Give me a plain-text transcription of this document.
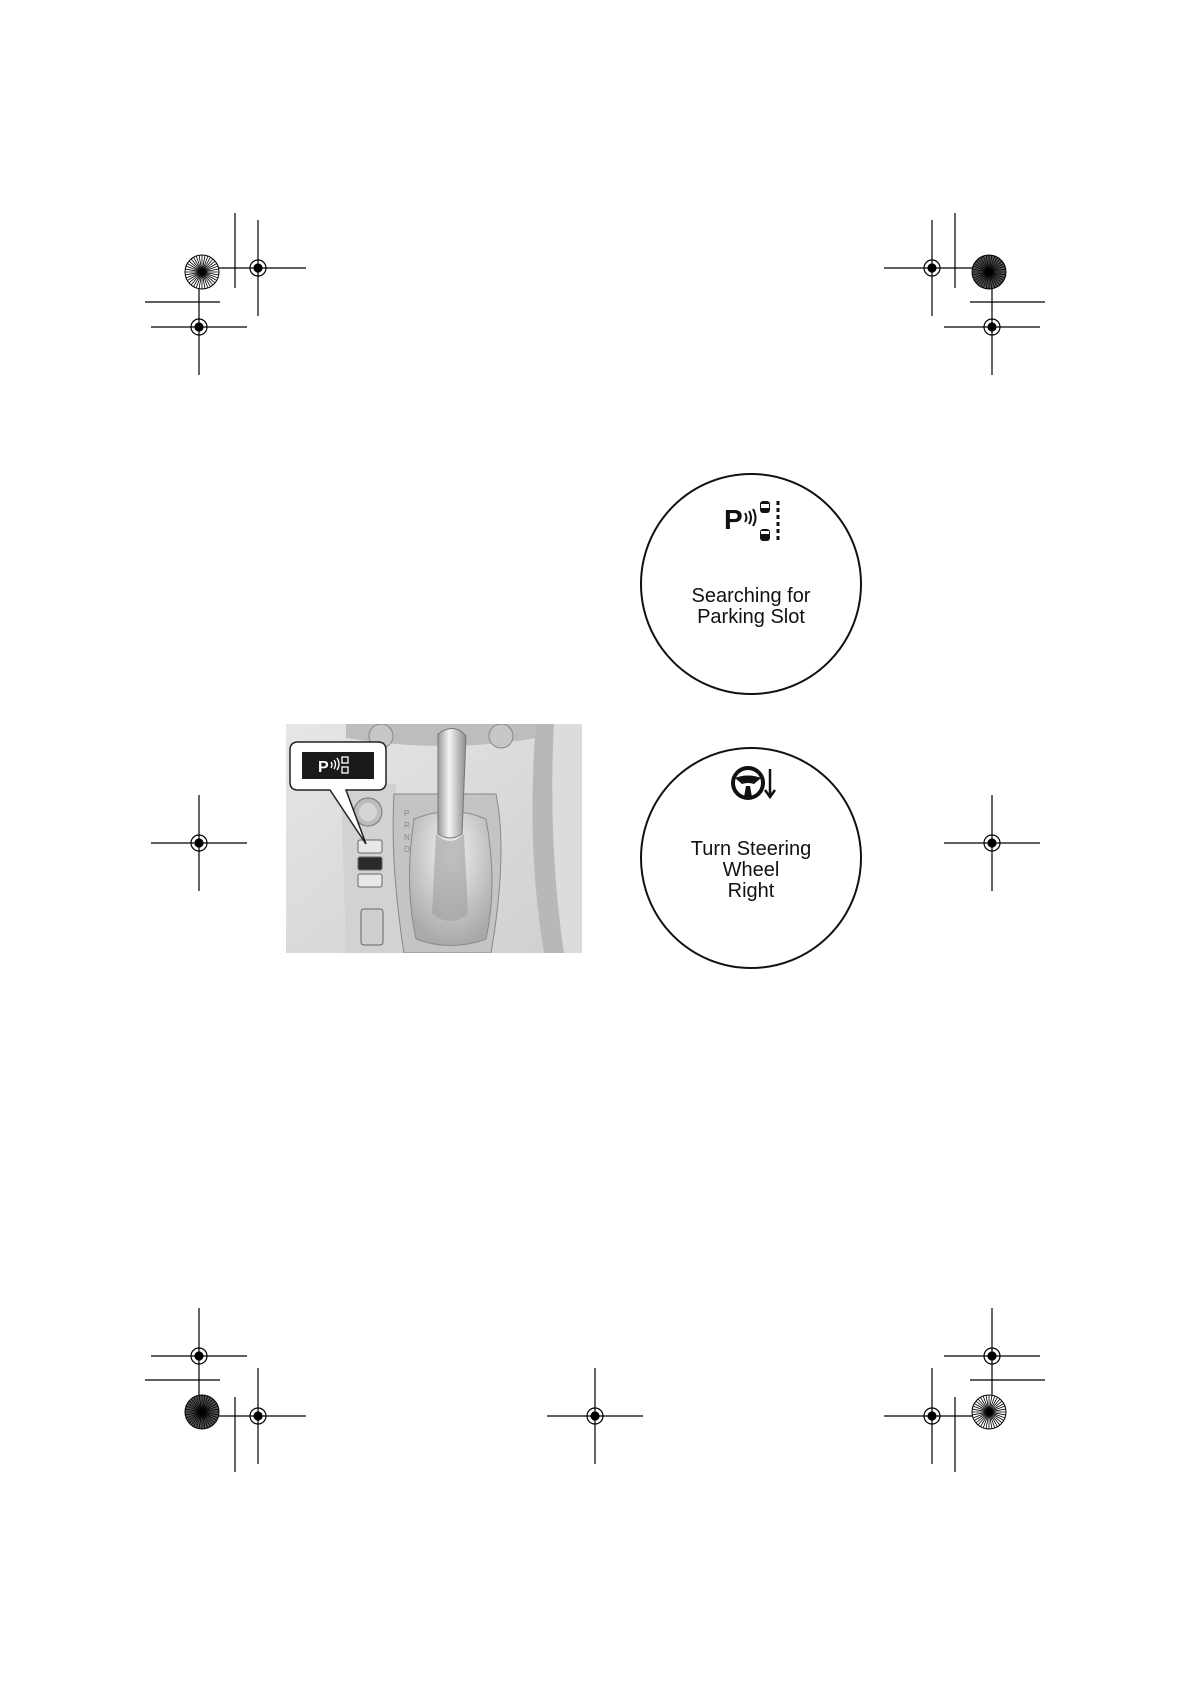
P
Searching for
Parking Slot
Turn Steering
Wheel
Right
P
R
N
D
P
